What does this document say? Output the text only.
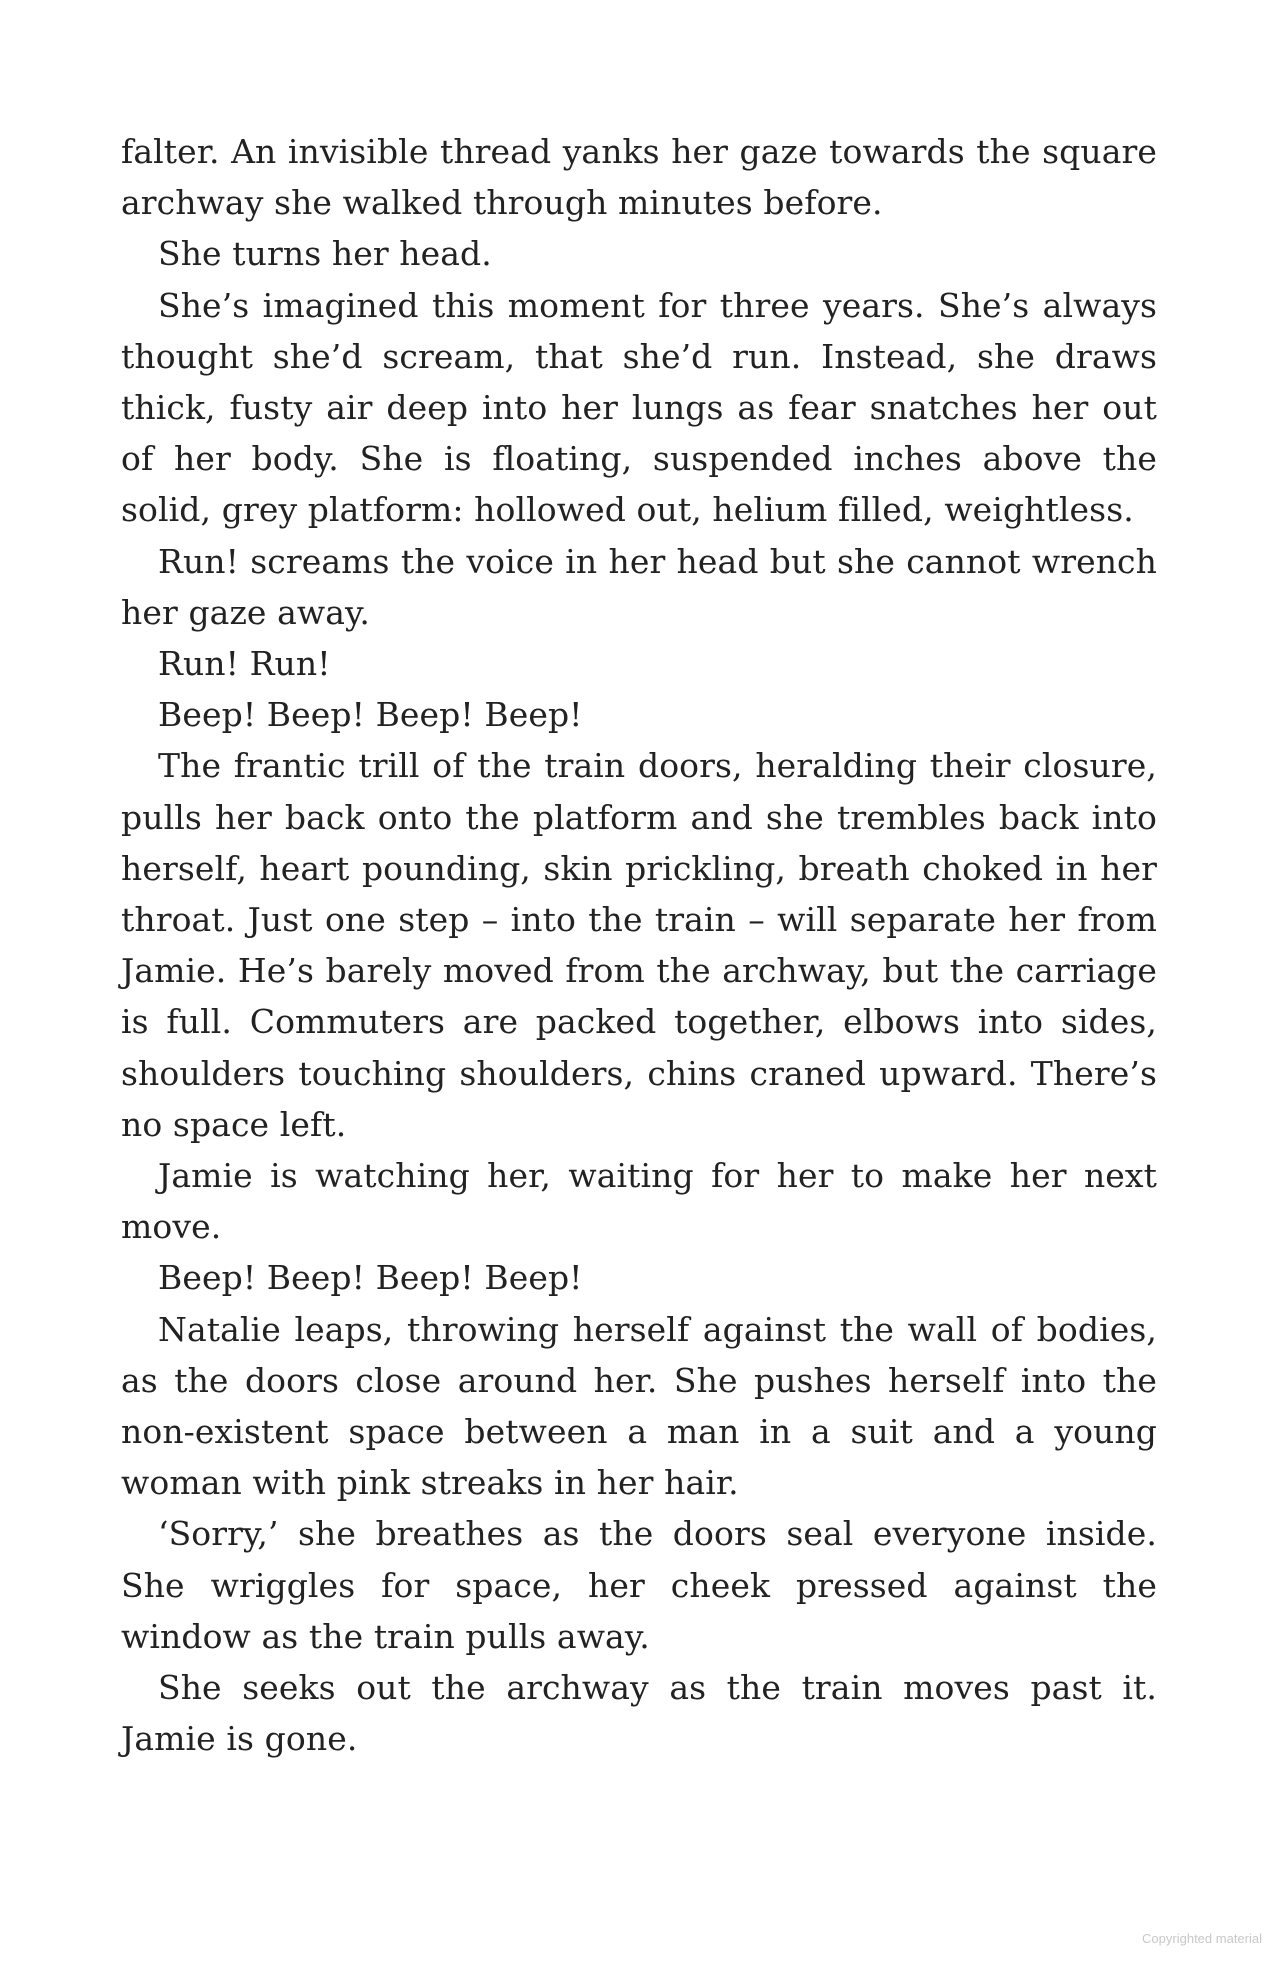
falter. An invisible thread yanks her gaze towards the square archway she walked through minutes before.

She turns her head.

She’s imagined this moment for three years. She’s always thought she’d scream, that she’d run. Instead, she draws thick, fusty air deep into her lungs as fear snatches her out of her body. She is floating, suspended inches above the solid, grey platform: hollowed out, helium filled, weightless.

Run! screams the voice in her head but she cannot wrench her gaze away.

Run! Run!

Beep! Beep! Beep! Beep!

The frantic trill of the train doors, heralding their closure, pulls her back onto the platform and she trembles back into herself, heart pounding, skin prickling, breath choked in her throat. Just one step – into the train – will separate her from Jamie. He’s barely moved from the archway, but the carriage is full. Commuters are packed together, elbows into sides, shoulders touching shoulders, chins craned upward. There’s no space left.

Jamie is watching her, waiting for her to make her next move.

Beep! Beep! Beep! Beep!

Natalie leaps, throwing herself against the wall of bodies, as the doors close around her. She pushes herself into the non-existent space between a man in a suit and a young woman with pink streaks in her hair.

‘Sorry,’ she breathes as the doors seal everyone inside. She wriggles for space, her cheek pressed against the window as the train pulls away.

She seeks out the archway as the train moves past it. Jamie is gone.

Copyrighted material
